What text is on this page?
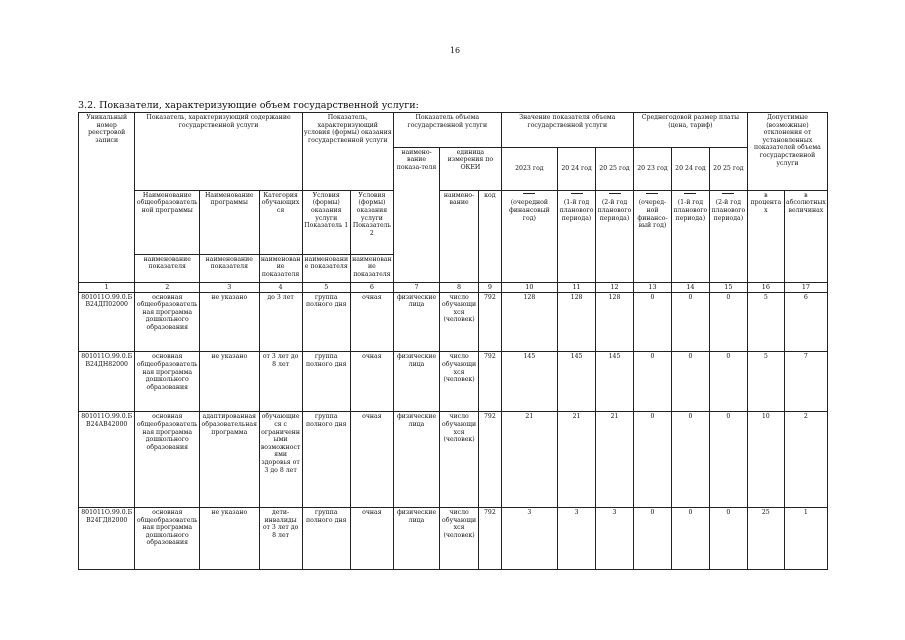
16
3.2. Показатели, характеризующие объем государственной услуги:
Уникальный номер реестровой записи	Показатель, характеризующий содержание государственной услуги			Показатель, характеризующий условия (формы) оказания государственной услуги		Показатель объема государственной услуги			Значение показателя объема государственной услуги			Среднегодовой размер платы (цена, тариф)			Допустимые (возможные) отклонения от установленных показателей объема государственной услуги	
						наимено-вание показа-теля	единица измерения по ОКЕИ		2023 год	20 24 год	20 25 год	20 23 год	20 24 год	20 25 год		
	Наименование общеобразовательной программы	Наименование программы	Категория обучающихся	Условия (формы) оказания услуги Показатель 1	Условия (формы) оказания услуги Показатель 2		наимено-вание	код	(очередной финансовый год)	(1-й год планового периода)	(2-й год планового периода)	(очеред-ной финансо-вый год)	(1-й год планового периода)	(2-й год планового периода)	в процентах	в абсолютных величинах
	наименование показателя	наименование показателя	наименование показателя	наименование показателя	наименование показателя											
1	2	3	4	5	6	7	8	9	10	11	12	13	14	15	16	17
801011О.99.0.БВ24ДП02000	основная общеобразовательная программа дошкольного образования	не указано	до 3 лет	группа полного дня	очная	физические лица	число обучающихся (человек)	792	128	128	128	0	0	0	5	6
801011О.99.0.БВ24ДН82000	основная общеобразовательная программа дошкольного образования	не указано	от 3 лет до 8 лет	группа полного дня	очная	физические лица	число обучающихся (человек)	792	145	145	145	0	0	0	5	7
801011О.99.0.БВ24АВ42000	основная общеобразовательная программа дошкольного образования	адаптированная образовательная программа	обучающиеся с ограниченными возможностями здоровья от 3 до 8 лет	группа полного дня	очная	физические лица	число обучающихся (человек)	792	21	21	21	0	0	0	10	2
801011О.99.0.БВ24ГД82000	основная общеобразовательная программа дошкольного образования	не указано	дети-инвалиды от 3 лет до 8 лет	группа полного дня	очная	физические лица	число обучающихся (человек)	792	3	3	3	0	0	0	25	1
